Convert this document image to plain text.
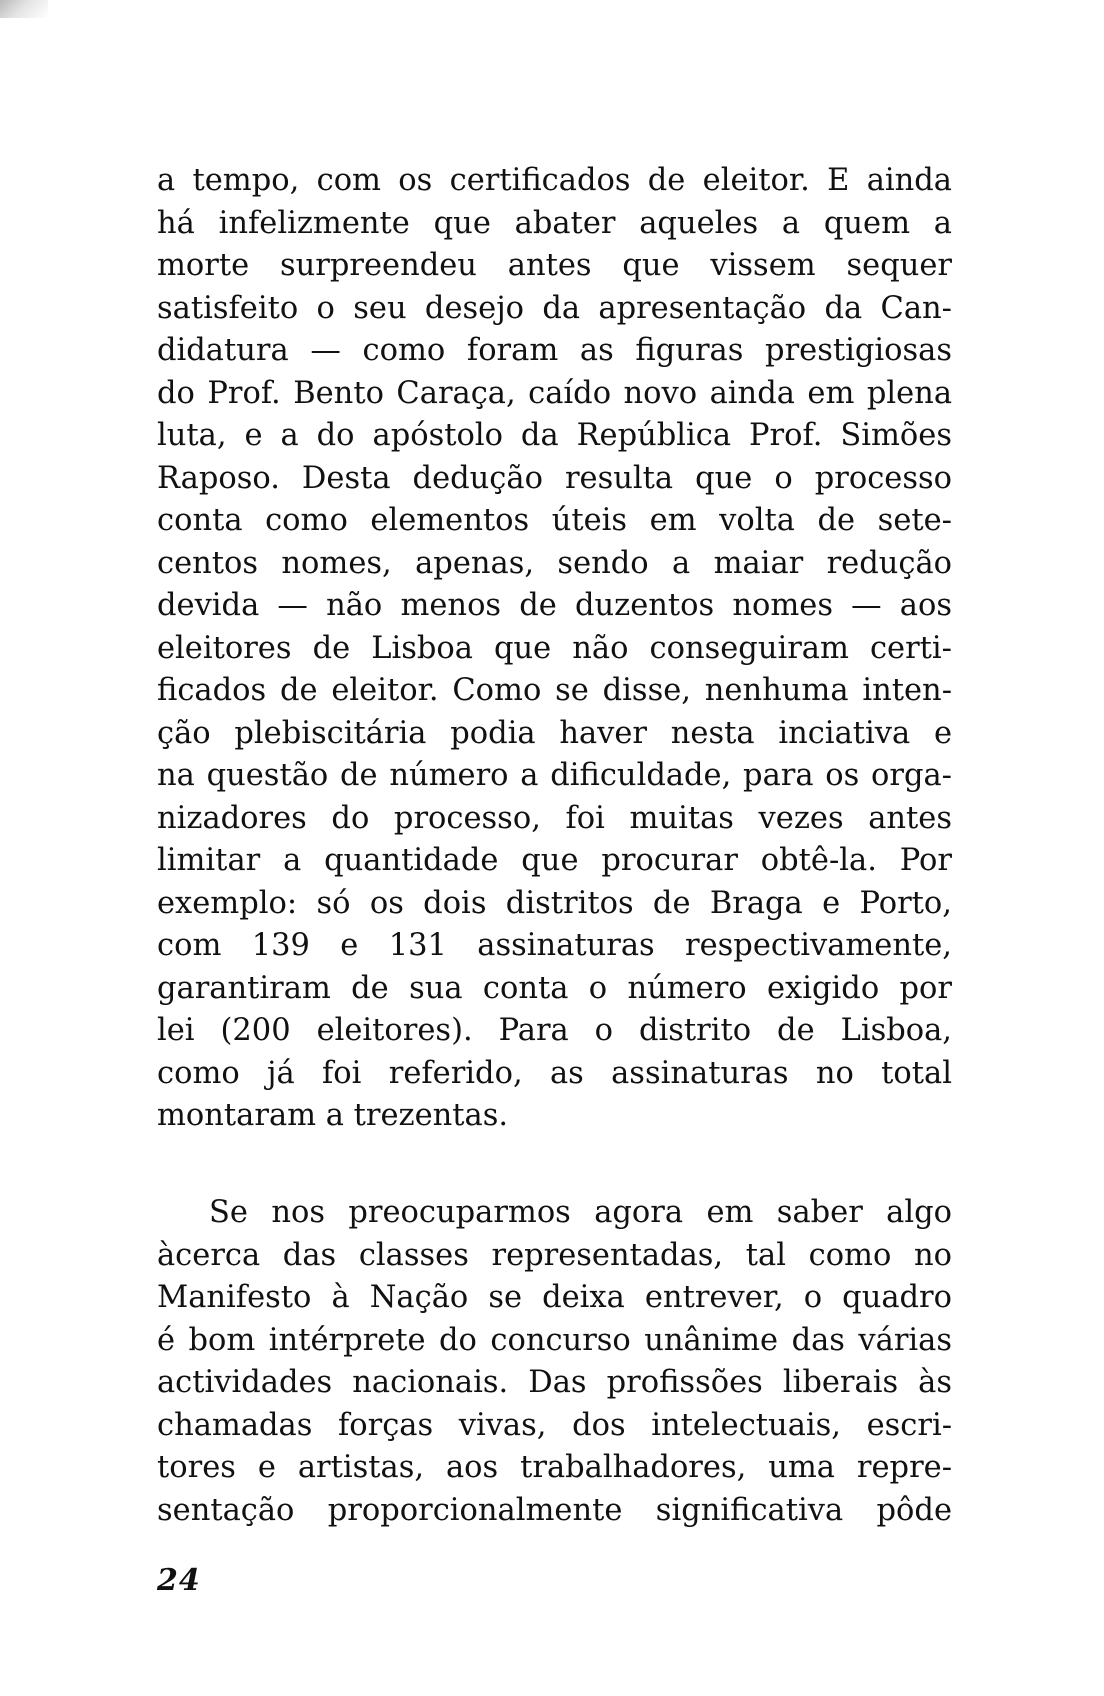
a tempo, com os certificados de eleitor. E ainda
há infelizmente que abater aqueles a quem a
morte surpreendeu antes que vissem sequer
satisfeito o seu desejo da apresentação da Can-
didatura — como foram as figuras prestigiosas
do Prof. Bento Caraça, caído novo ainda em plena
luta, e a do apóstolo da República Prof. Simões
Raposo. Desta dedução resulta que o processo
conta como elementos úteis em volta de sete-
centos nomes, apenas, sendo a maiar redução
devida — não menos de duzentos nomes — aos
eleitores de Lisboa que não conseguiram certi-
ficados de eleitor. Como se disse, nenhuma inten-
ção plebiscitária podia haver nesta inciativa e
na questão de número a dificuldade, para os orga-
nizadores do processo, foi muitas vezes antes
limitar a quantidade que procurar obtê-la. Por
exemplo: só os dois distritos de Braga e Porto,
com 139 e 131 assinaturas respectivamente,
garantiram de sua conta o número exigido por
lei (200 eleitores). Para o distrito de Lisboa,
como já foi referido, as assinaturas no total
montaram a trezentas.
Se nos preocuparmos agora em saber algo
àcerca das classes representadas, tal como no
Manifesto à Nação se deixa entrever, o quadro
é bom intérprete do concurso unânime das várias
actividades nacionais. Das profissões liberais às
chamadas forças vivas, dos intelectuais, escri-
tores e artistas, aos trabalhadores, uma repre-
sentação proporcionalmente significativa pôde
24
